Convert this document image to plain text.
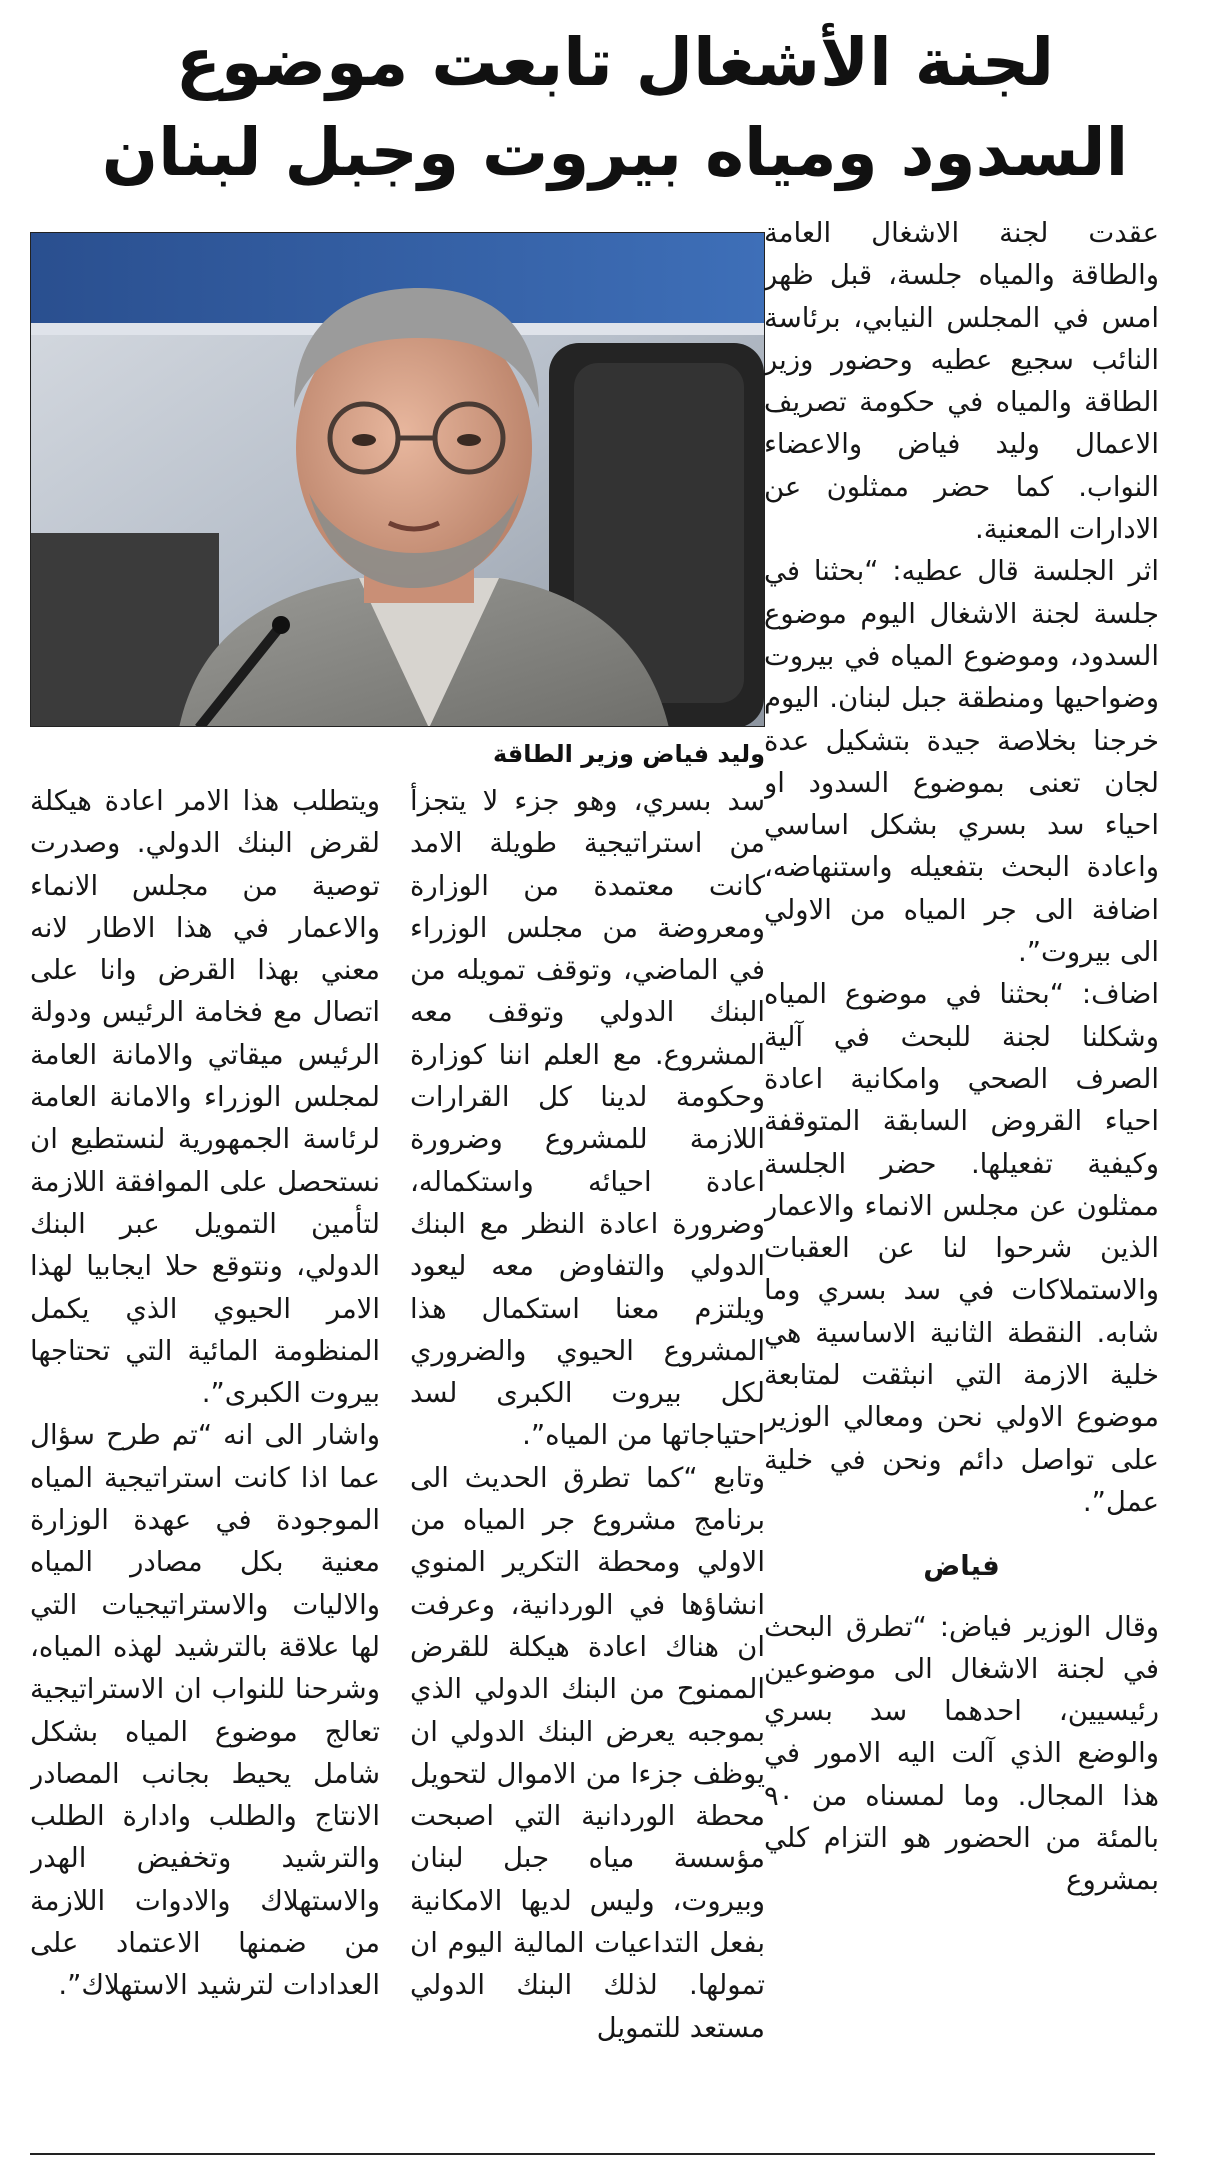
لجنة الأشغال تابعت موضوع
السدود ومياه بيروت وجبل لبنان
وليد فياض وزير الطاقة

عقدت لجنة الاشغال العامة والطاقة والمياه جلسة، قبل ظهر امس في المجلس النيابي، برئاسة النائب سجيع عطيه وحضور وزير الطاقة والمياه في حكومة تصريف الاعمال وليد فياض والاعضاء النواب. كما حضر ممثلون عن الادارات المعنية.

اثر الجلسة قال عطيه: “بحثنا في جلسة لجنة الاشغال اليوم موضوع السدود، وموضوع المياه في بيروت وضواحيها ومنطقة جبل لبنان. اليوم خرجنا بخلاصة جيدة بتشكيل عدة لجان تعنى بموضوع السدود او احياء سد بسري بشكل اساسي واعادة البحث بتفعيله واستنهاضه، اضافة الى جر المياه من الاولي الى بيروت”.

اضاف: “بحثنا في موضوع المياه وشكلنا لجنة للبحث في آلية الصرف الصحي وامكانية اعادة احياء القروض السابقة المتوقفة وكيفية تفعيلها. حضر الجلسة ممثلون عن مجلس الانماء والاعمار الذين شرحوا لنا عن العقبات والاستملاكات في سد بسري وما شابه. النقطة الثانية الاساسية هي خلية الازمة التي انبثقت لمتابعة موضوع الاولي نحن ومعالي الوزير على تواصل دائم ونحن في خلية عمل”.

فياض

وقال الوزير فياض: “تطرق البحث في لجنة الاشغال الى موضوعين رئيسيين، احدهما سد بسري والوضع الذي آلت اليه الامور في هذا المجال. وما لمسناه من ٩٠ بالمئة من الحضور هو التزام كلي بمشروع

سد بسري، وهو جزء لا يتجزأ من استراتيجية طويلة الامد كانت معتمدة من الوزارة ومعروضة من مجلس الوزراء في الماضي، وتوقف تمويله من البنك الدولي وتوقف معه المشروع. مع العلم اننا كوزارة وحكومة لدينا كل القرارات اللازمة للمشروع وضرورة اعادة احيائه واستكماله، وضرورة اعادة النظر مع البنك الدولي والتفاوض معه ليعود ويلتزم معنا استكمال هذا المشروع الحيوي والضروري لكل بيروت الكبرى لسد احتياجاتها من المياه”.

وتابع “كما تطرق الحديث الى برنامج مشروع جر المياه من الاولي ومحطة التكرير المنوي انشاؤها في الوردانية، وعرفت ان هناك اعادة هيكلة للقرض الممنوح من البنك الدولي الذي بموجبه يعرض البنك الدولي ان يوظف جزءا من الاموال لتحويل محطة الوردانية التي اصبحت مؤسسة مياه جبل لبنان وبيروت، وليس لديها الامكانية بفعل التداعيات المالية اليوم ان تمولها. لذلك البنك الدولي مستعد للتمويل

ويتطلب هذا الامر اعادة هيكلة لقرض البنك الدولي. وصدرت توصية من مجلس الانماء والاعمار في هذا الاطار لانه معني بهذا القرض وانا على اتصال مع فخامة الرئيس ودولة الرئيس ميقاتي والامانة العامة لمجلس الوزراء والامانة العامة لرئاسة الجمهورية لنستطيع ان نستحصل على الموافقة اللازمة لتأمين التمويل عبر البنك الدولي، ونتوقع حلا ايجابيا لهذا الامر الحيوي الذي يكمل المنظومة المائية التي تحتاجها بيروت الكبرى”.

واشار الى انه “تم طرح سؤال عما اذا كانت استراتيجية المياه الموجودة في عهدة الوزارة معنية بكل مصادر المياه والاليات والاستراتيجيات التي لها علاقة بالترشيد لهذه المياه، وشرحنا للنواب ان الاستراتيجية تعالج موضوع المياه بشكل شامل يحيط بجانب المصادر الانتاج والطلب وادارة الطلب والترشيد وتخفيض الهدر والاستهلاك والادوات اللازمة من ضمنها الاعتماد على العدادات لترشيد الاستهلاك”.
